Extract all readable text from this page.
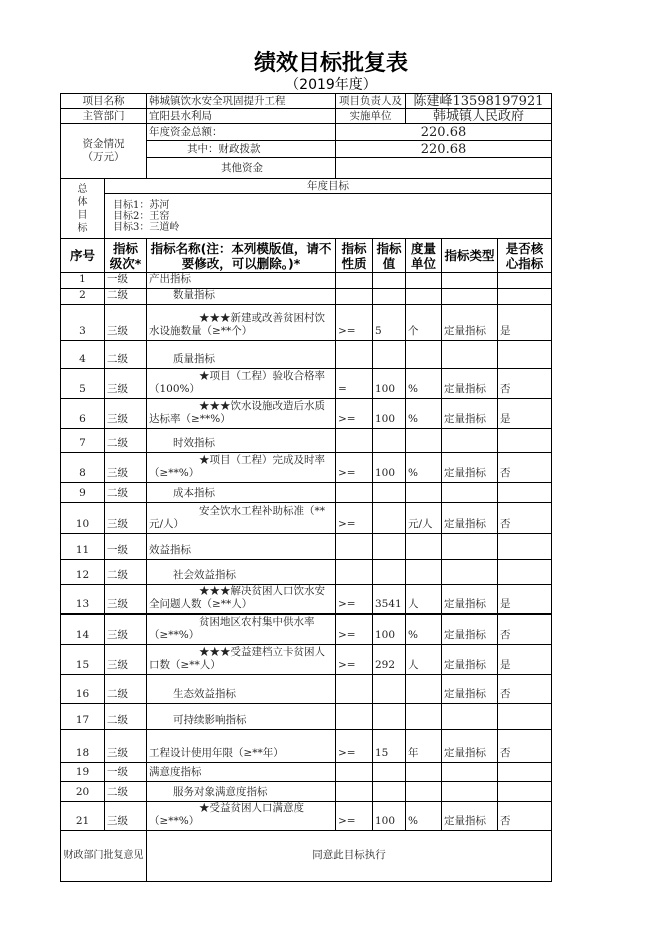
绩效目标批复表
（2019年度）
项目名称		韩城镇饮水安全巩固提升工程	项目负责人及		陈建峰13598197921		
主管部门		宜阳县水利局	实施单位		韩城镇人民政府		
资金情况（万元）		年度资金总额：	220.68				
		其中：财政拨款	220.68				
		其他资金					
总体目标	年度目标						

	目标1：苏河
目标2：王窑
目标3：三道岭						

序号	指标级次*	指标名称(注：本列模版值，请不要修改，可以删除。)*	指标性质	指标值	度量单位	指标类型	是否核心指标
1	一级	产出指标					
2	二级	数量指标					
3	三级	★★★新建或改善贫困村饮水设施数量（≥**个）	>=	5	个	定量指标	是
4	二级	质量指标					
5	三级	★项目（工程）验收合格率（100%）	=	100	%	定量指标	否
6	三级	★★★饮水设施改造后水质达标率（≥**%）	>=	100	%	定量指标	是
7	二级	时效指标					
8	三级	★项目（工程）完成及时率（≥**%）	>=	100	%	定量指标	否
9	二级	成本指标					
10	三级	安全饮水工程补助标准（**元/人）	>=		元/人	定量指标	否
11	一级	效益指标					
12	二级	社会效益指标					
13	三级	★★★解决贫困人口饮水安全问题人数（≥**人）	>=	3541	人	定量指标	是
14	三级	贫困地区农村集中供水率（≥**%）	>=	100	%	定量指标	否
15	三级	★★★受益建档立卡贫困人口数（≥**人）	>=	292	人	定量指标	是
16	二级	生态效益指标				定量指标	否
17	二级	可持续影响指标					
18	三级	工程设计使用年限（≥**年）	>=	15	年	定量指标	否
19	一级	满意度指标					
20	二级	服务对象满意度指标					
21	三级	★受益贫困人口满意度（≥**%）	>=	100	%	定量指标	否
财政部门批复意见		同意此目标执行					
